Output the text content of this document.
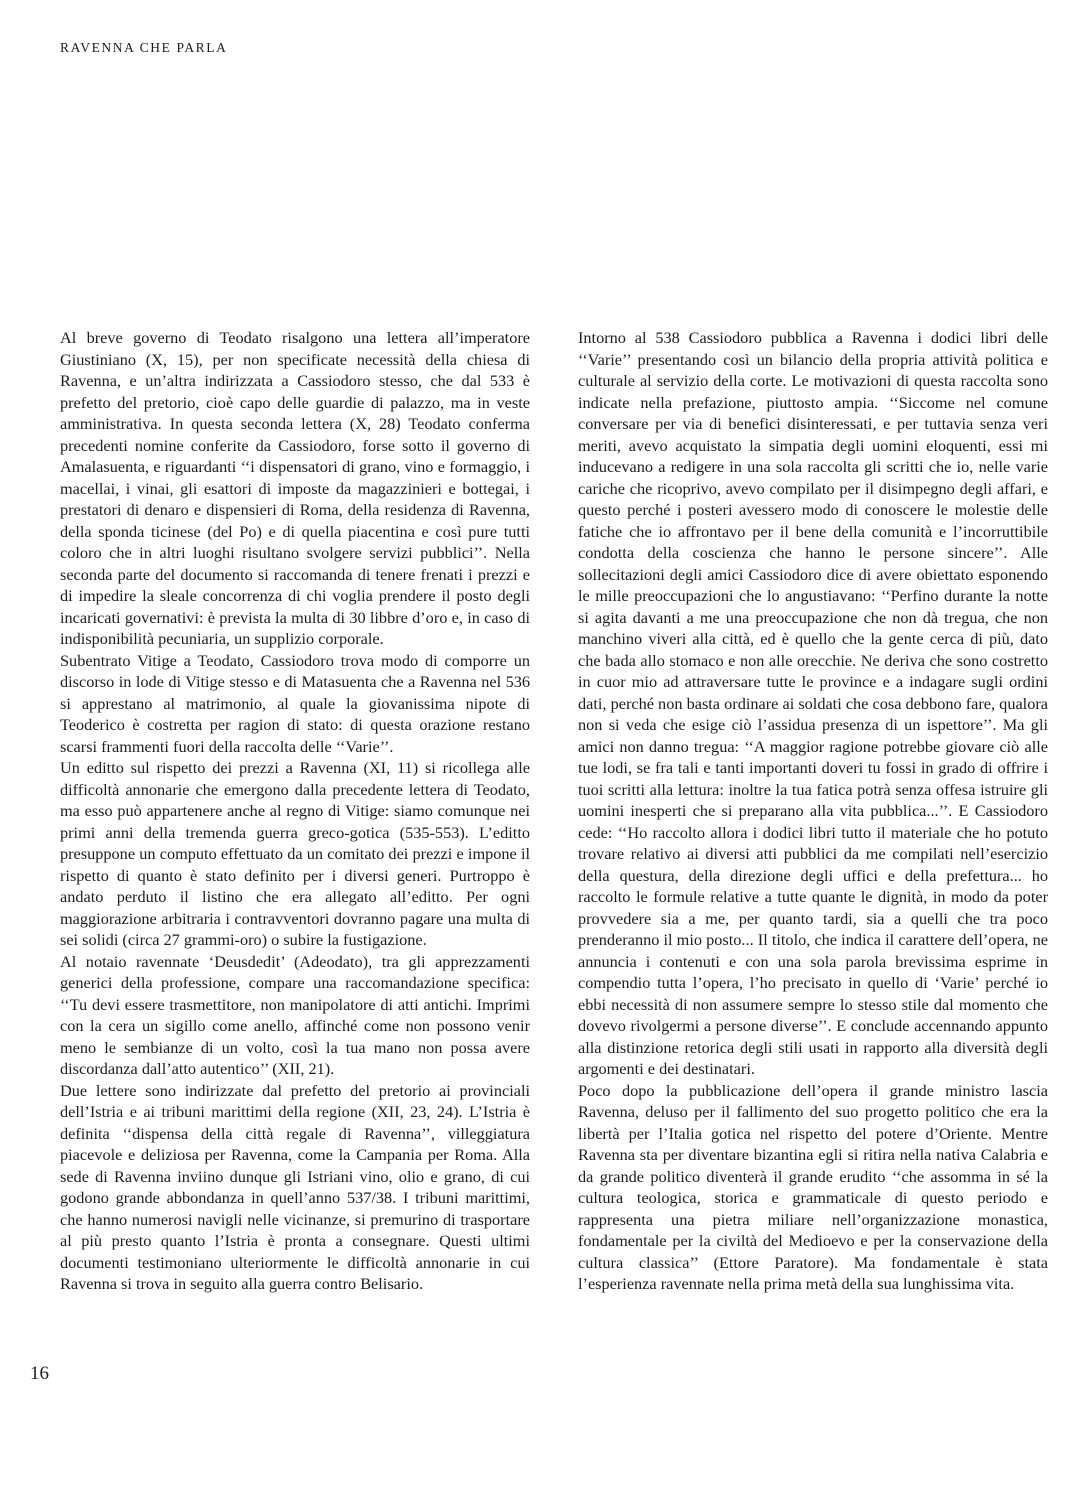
RAVENNA CHE PARLA

Al breve governo di Teodato risalgono una lettera all’imperatore Giustiniano (X, 15), per non specificate necessità della chiesa di Ravenna, e un’altra indirizzata a Cassiodoro stesso, che dal 533 è prefetto del pretorio, cioè capo delle guardie di palazzo, ma in veste amministrativa. In questa seconda lettera (X, 28) Teodato conferma precedenti nomine conferite da Cassiodoro, forse sotto il governo di Amalasuenta, e riguardanti ‘‘i dispensatori di grano, vino e formaggio, i macellai, i vinai, gli esattori di imposte da magazzinieri e bottegai, i prestatori di denaro e dispensieri di Roma, della residenza di Ravenna, della sponda ticinese (del Po) e di quella piacentina e così pure tutti coloro che in altri luoghi risultano svolgere servizi pubblici’’. Nella seconda parte del documento si raccomanda di tenere frenati i prezzi e di impedire la sleale concorrenza di chi voglia prendere il posto degli incaricati governativi: è prevista la multa di 30 libbre d’oro e, in caso di indisponibilità pecuniaria, un supplizio corporale.

Subentrato Vitige a Teodato, Cassiodoro trova modo di comporre un discorso in lode di Vitige stesso e di Matasuenta che a Ravenna nel 536 si apprestano al matrimonio, al quale la giovanissima nipote di Teoderico è costretta per ragion di stato: di questa orazione restano scarsi frammenti fuori della raccolta delle ‘‘Varie’’.

Un editto sul rispetto dei prezzi a Ravenna (XI, 11) si ricollega alle difficoltà annonarie che emergono dalla precedente lettera di Teodato, ma esso può appartenere anche al regno di Vitige: siamo comunque nei primi anni della tremenda guerra greco-gotica (535-553). L’editto presuppone un computo effettuato da un comitato dei prezzi e impone il rispetto di quanto è stato definito per i diversi generi. Purtroppo è andato perduto il listino che era allegato all’editto. Per ogni maggiorazione arbitraria i contravventori dovranno pagare una multa di sei solidi (circa 27 grammi-oro) o subire la fustigazione.

Al notaio ravennate ‘Deusdedit’ (Adeodato), tra gli apprezzamenti generici della professione, compare una raccomandazione specifica: ‘‘Tu devi essere trasmettitore, non manipolatore di atti antichi. Imprimi con la cera un sigillo come anello, affinché come non possono venir meno le sembianze di un volto, così la tua mano non possa avere discordanza dall’atto autentico’’ (XII, 21).

Due lettere sono indirizzate dal prefetto del pretorio ai provinciali dell’Istria e ai tribuni marittimi della regione (XII, 23, 24). L’Istria è definita ‘‘dispensa della città regale di Ravenna’’, villeggiatura piacevole e deliziosa per Ravenna, come la Campania per Roma. Alla sede di Ravenna inviino dunque gli Istriani vino, olio e grano, di cui godono grande abbondanza in quell’anno 537/38. I tribuni marittimi, che hanno numerosi navigli nelle vicinanze, si premurino di trasportare al più presto quanto l’Istria è pronta a consegnare. Questi ultimi documenti testimoniano ulteriormente le difficoltà annonarie in cui Ravenna si trova in seguito alla guerra contro Belisario.

Intorno al 538 Cassiodoro pubblica a Ravenna i dodici libri delle ‘‘Varie’’ presentando così un bilancio della propria attività politica e culturale al servizio della corte. Le motivazioni di questa raccolta sono indicate nella prefazione, piuttosto ampia. ‘‘Siccome nel comune conversare per via di benefici disinteressati, e per tuttavia senza veri meriti, avevo acquistato la simpatia degli uomini eloquenti, essi mi inducevano a redigere in una sola raccolta gli scritti che io, nelle varie cariche che ricoprivo, avevo compilato per il disimpegno degli affari, e questo perché i posteri avessero modo di conoscere le molestie delle fatiche che io affrontavo per il bene della comunità e l’incorruttibile condotta della coscienza che hanno le persone sincere’’. Alle sollecitazioni degli amici Cassiodoro dice di avere obiettato esponendo le mille preoccupazioni che lo angustiavano: ‘‘Perfino durante la notte si agita davanti a me una preoccupazione che non dà tregua, che non manchino viveri alla città, ed è quello che la gente cerca di più, dato che bada allo stomaco e non alle orecchie. Ne deriva che sono costretto in cuor mio ad attraversare tutte le province e a indagare sugli ordini dati, perché non basta ordinare ai soldati che cosa debbono fare, qualora non si veda che esige ciò l’assidua presenza di un ispettore’’. Ma gli amici non danno tregua: ‘‘A maggior ragione potrebbe giovare ciò alle tue lodi, se fra tali e tanti importanti doveri tu fossi in grado di offrire i tuoi scritti alla lettura: inoltre la tua fatica potrà senza offesa istruire gli uomini inesperti che si preparano alla vita pubblica...’’. E Cassiodoro cede: ‘‘Ho raccolto allora i dodici libri tutto il materiale che ho potuto trovare relativo ai diversi atti pubblici da me compilati nell’esercizio della questura, della direzione degli uffici e della prefettura... ho raccolto le formule relative a tutte quante le dignità, in modo da poter provvedere sia a me, per quanto tardi, sia a quelli che tra poco prenderanno il mio posto... Il titolo, che indica il carattere dell’opera, ne annuncia i contenuti e con una sola parola brevissima esprime in compendio tutta l’opera, l’ho precisato in quello di ‘Varie’ perché io ebbi necessità di non assumere sempre lo stesso stile dal momento che dovevo rivolgermi a persone diverse’’. E conclude accennando appunto alla distinzione retorica degli stili usati in rapporto alla diversità degli argomenti e dei destinatari.

Poco dopo la pubblicazione dell’opera il grande ministro lascia Ravenna, deluso per il fallimento del suo progetto politico che era la libertà per l’Italia gotica nel rispetto del potere d’Oriente. Mentre Ravenna sta per diventare bizantina egli si ritira nella nativa Calabria e da grande politico diventerà il grande erudito ‘‘che assomma in sé la cultura teologica, storica e grammaticale di questo periodo e rappresenta una pietra miliare nell’organizzazione monastica, fondamentale per la civiltà del Medioevo e per la conservazione della cultura classica’’ (Ettore Paratore). Ma fondamentale è stata l’esperienza ravennate nella prima metà della sua lunghissima vita.

16
